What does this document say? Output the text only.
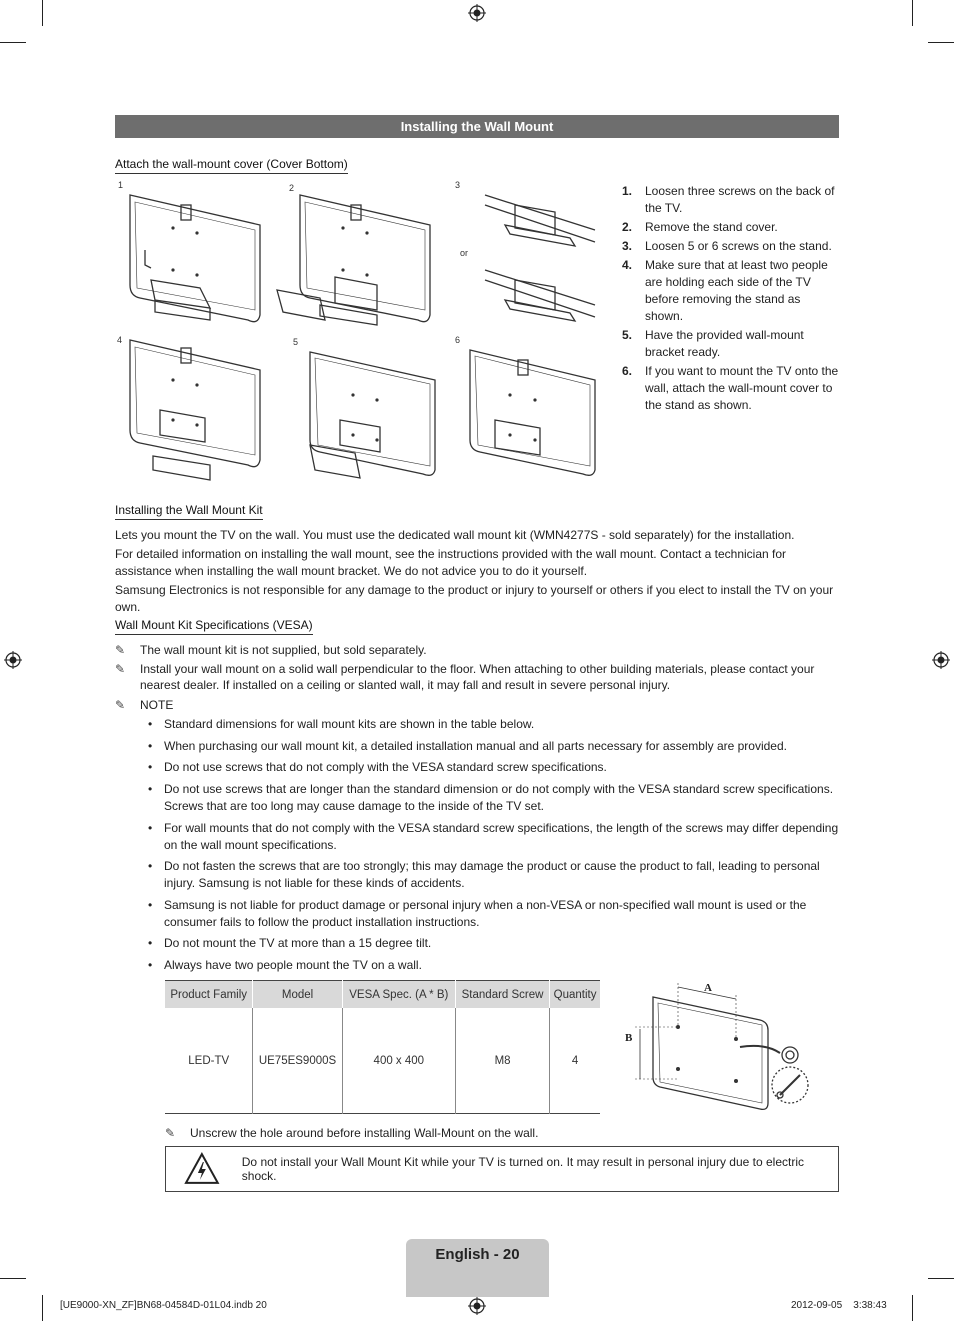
Installing the Wall Mount
Attach the wall-mount cover (Cover Bottom)
1	2	3
4	5	6
or
1.	Loosen three screws on the back of the TV.
2.	Remove the stand cover.
3.	Loosen 5 or 6 screws on the stand.
4.	Make sure that at least two people are holding each side of the TV before removing the stand as shown.
5.	Have the provided wall-mount bracket ready.
6.	If you want to mount the TV onto the wall, attach the wall-mount cover to the stand as shown.
Installing the Wall Mount Kit
Lets you mount the TV on the wall. You must use the dedicated wall mount kit (WMN4277S - sold separately) for the installation.
For detailed information on installing the wall mount, see the instructions provided with the wall mount. Contact a technician for assistance when installing the wall mount bracket. We do not advice you to do it yourself.
Samsung Electronics is not responsible for any damage to the product or injury to yourself or others if you elect to install the TV on your own.
Wall Mount Kit Specifications (VESA)
✎	The wall mount kit is not supplied, but sold separately.
✎	Install your wall mount on a solid wall perpendicular to the floor. When attaching to other building materials, please contact your nearest dealer. If installed on a ceiling or slanted wall, it may fall and result in severe personal injury.
✎	NOTE
• Standard dimensions for wall mount kits are shown in the table below.
• When purchasing our wall mount kit, a detailed installation manual and all parts necessary for assembly are provided.
• Do not use screws that do not comply with the VESA standard screw specifications.
• Do not use screws that are longer than the standard dimension or do not comply with the VESA standard screw specifications. Screws that are too long may cause damage to the inside of the TV set.
• For wall mounts that do not comply with the VESA standard screw specifications, the length of the screws may differ depending on the wall mount specifications.
• Do not fasten the screws that are too strongly; this may damage the product or cause the product to fall, leading to personal injury. Samsung is not liable for these kinds of accidents.
• Samsung is not liable for product damage or personal injury when a non-VESA or non-specified wall mount is used or the consumer fails to follow the product installation instructions.
• Do not mount the TV at more than a 15 degree tilt.
• Always have two people mount the TV on a wall.
Product Family	Model	VESA Spec. (A * B)	Standard Screw	Quantity
LED-TV	UE75ES9000S	400 x 400	M8	4
A
B
✎	Unscrew the hole around before installing Wall-Mount on the wall.
Do not install your Wall Mount Kit while your TV is turned on. It may result in personal injury due to electric shock.
English - 20
[UE9000-XN_ZF]BN68-04584D-01L04.indb 20	2012-09-05    3:38:43
